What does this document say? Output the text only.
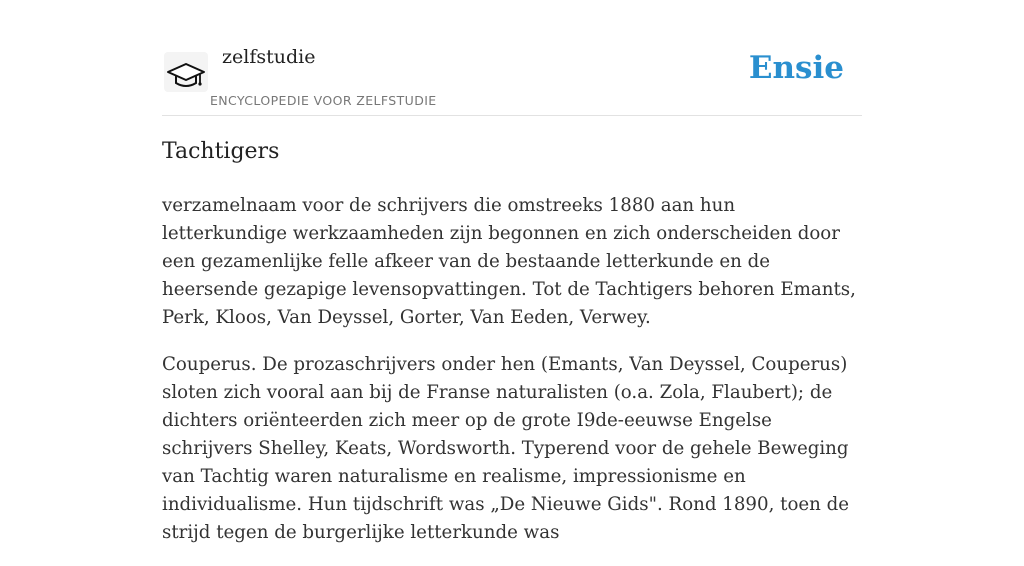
zelfstudie
ENCYCLOPEDIE VOOR ZELFSTUDIE
Ensie
Tachtigers

verzamelnaam voor de schrijvers die omstreeks 1880 aan hun letterkundige werkzaamheden zijn begonnen en zich onderscheiden door een gezamenlijke felle afkeer van de bestaande letterkunde en de heersende gezapige levensopvattingen. Tot de Tachtigers behoren Emants, Perk, Kloos, Van Deyssel, Gorter, Van Eeden, Verwey.

Couperus. De prozaschrijvers onder hen (Emants, Van Deyssel, Couperus) sloten zich vooral aan bij de Franse naturalisten (o.a. Zola, Flaubert); de dichters oriënteerden zich meer op de grote I9de-eeuwse Engelse schrijvers Shelley, Keats, Wordsworth. Typerend voor de gehele Beweging van Tachtig waren naturalisme en realisme, impressionisme en individualisme. Hun tijdschrift was „De Nieuwe Gids". Rond 1890, toen de strijd tegen de burgerlijke letterkunde was
